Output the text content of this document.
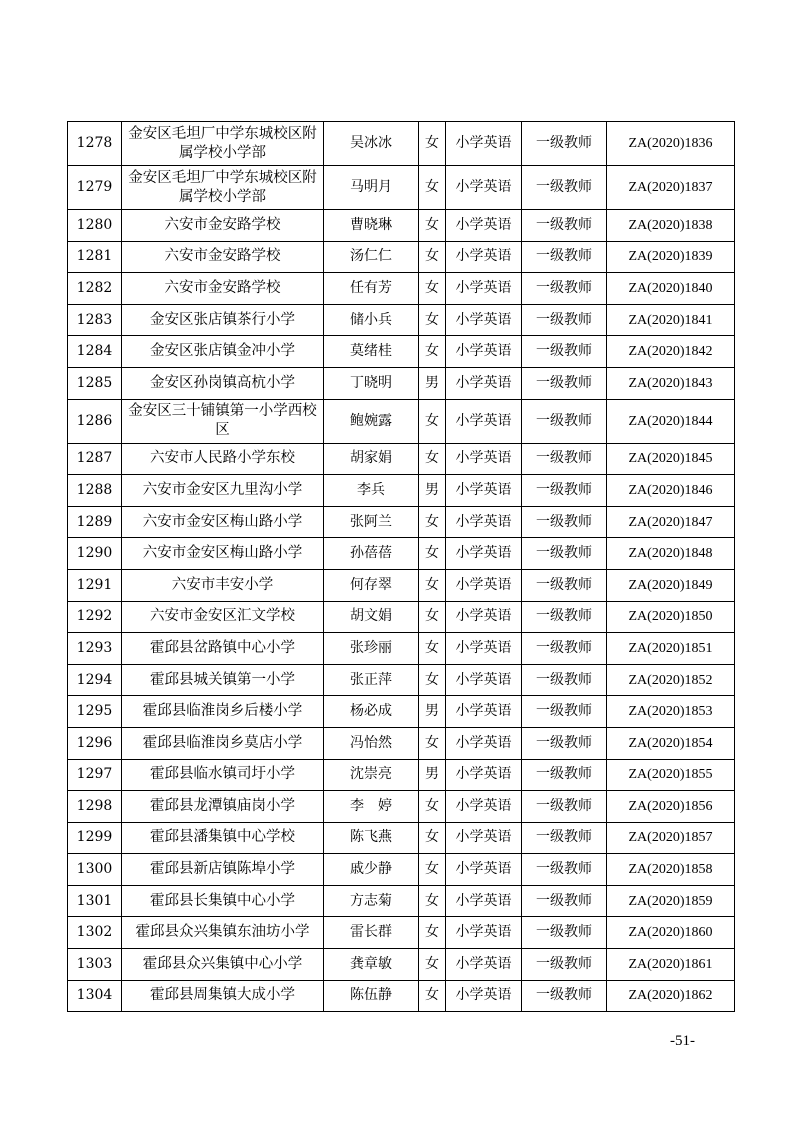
1278	金安区毛坦厂中学东城校区附属学校小学部	吴冰冰	女	小学英语	一级教师	ZA(2020)1836
1279	金安区毛坦厂中学东城校区附属学校小学部	马明月	女	小学英语	一级教师	ZA(2020)1837
1280	六安市金安路学校	曹晓琳	女	小学英语	一级教师	ZA(2020)1838
1281	六安市金安路学校	汤仁仁	女	小学英语	一级教师	ZA(2020)1839
1282	六安市金安路学校	任有芳	女	小学英语	一级教师	ZA(2020)1840
1283	金安区张店镇茶行小学	储小兵	女	小学英语	一级教师	ZA(2020)1841
1284	金安区张店镇金冲小学	莫绪桂	女	小学英语	一级教师	ZA(2020)1842
1285	金安区孙岗镇高杭小学	丁晓明	男	小学英语	一级教师	ZA(2020)1843
1286	金安区三十铺镇第一小学西校区	鲍婉露	女	小学英语	一级教师	ZA(2020)1844
1287	六安市人民路小学东校	胡家娟	女	小学英语	一级教师	ZA(2020)1845
1288	六安市金安区九里沟小学	李兵	男	小学英语	一级教师	ZA(2020)1846
1289	六安市金安区梅山路小学	张阿兰	女	小学英语	一级教师	ZA(2020)1847
1290	六安市金安区梅山路小学	孙蓓蓓	女	小学英语	一级教师	ZA(2020)1848
1291	六安市丰安小学	何存翠	女	小学英语	一级教师	ZA(2020)1849
1292	六安市金安区汇文学校	胡文娟	女	小学英语	一级教师	ZA(2020)1850
1293	霍邱县岔路镇中心小学	张珍丽	女	小学英语	一级教师	ZA(2020)1851
1294	霍邱县城关镇第一小学	张正萍	女	小学英语	一级教师	ZA(2020)1852
1295	霍邱县临淮岗乡后楼小学	杨必成	男	小学英语	一级教师	ZA(2020)1853
1296	霍邱县临淮岗乡莫店小学	冯怡然	女	小学英语	一级教师	ZA(2020)1854
1297	霍邱县临水镇司圩小学	沈崇亮	男	小学英语	一级教师	ZA(2020)1855
1298	霍邱县龙潭镇庙岗小学	李　婷	女	小学英语	一级教师	ZA(2020)1856
1299	霍邱县潘集镇中心学校	陈飞燕	女	小学英语	一级教师	ZA(2020)1857
1300	霍邱县新店镇陈埠小学	戚少静	女	小学英语	一级教师	ZA(2020)1858
1301	霍邱县长集镇中心小学	方志菊	女	小学英语	一级教师	ZA(2020)1859
1302	霍邱县众兴集镇东油坊小学	雷长群	女	小学英语	一级教师	ZA(2020)1860
1303	霍邱县众兴集镇中心小学	龚章敏	女	小学英语	一级教师	ZA(2020)1861
1304	霍邱县周集镇大成小学	陈伍静	女	小学英语	一级教师	ZA(2020)1862
-51-
